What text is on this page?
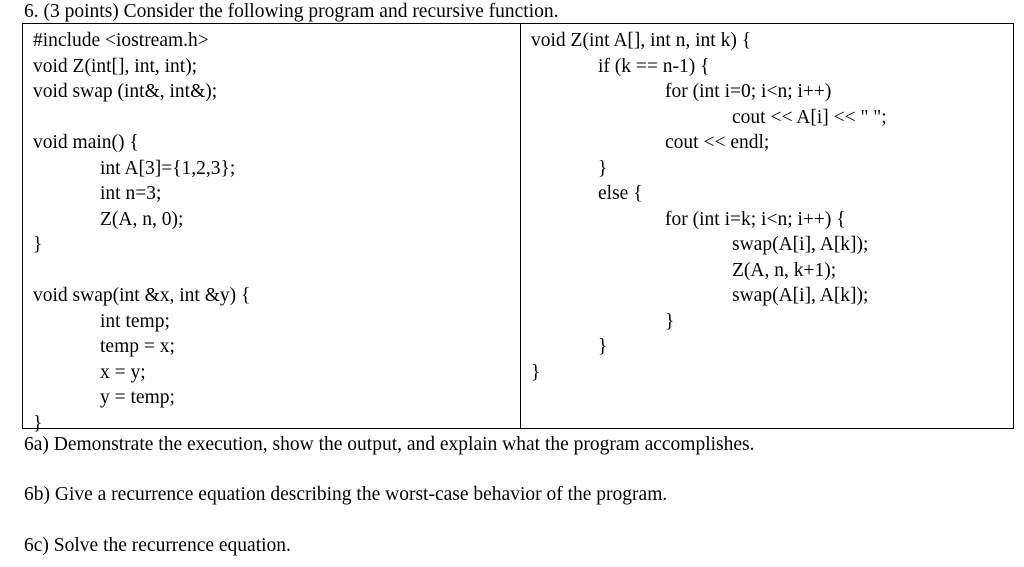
6. (3 points) Consider the following program and recursive function.
#include <iostream.h>
void Z(int[], int, int);
void swap (int&, int&);
void main() {
int A[3]={1,2,3};
int n=3;
Z(A, n, 0);
}
void swap(int &x, int &y) {
int temp;
temp = x;
x = y;
y = temp;
}
void Z(int A[], int n, int k) {
if (k == n-1) {
for (int i=0; i<n; i++)
cout << A[i] << " ";
cout << endl;
}
else {
for (int i=k; i<n; i++) {
swap(A[i], A[k]);
Z(A, n, k+1);
swap(A[i], A[k]);
}
}
}
6a) Demonstrate the execution, show the output, and explain what the program accomplishes.
6b) Give a recurrence equation describing the worst-case behavior of the program.
6c) Solve the recurrence equation.
